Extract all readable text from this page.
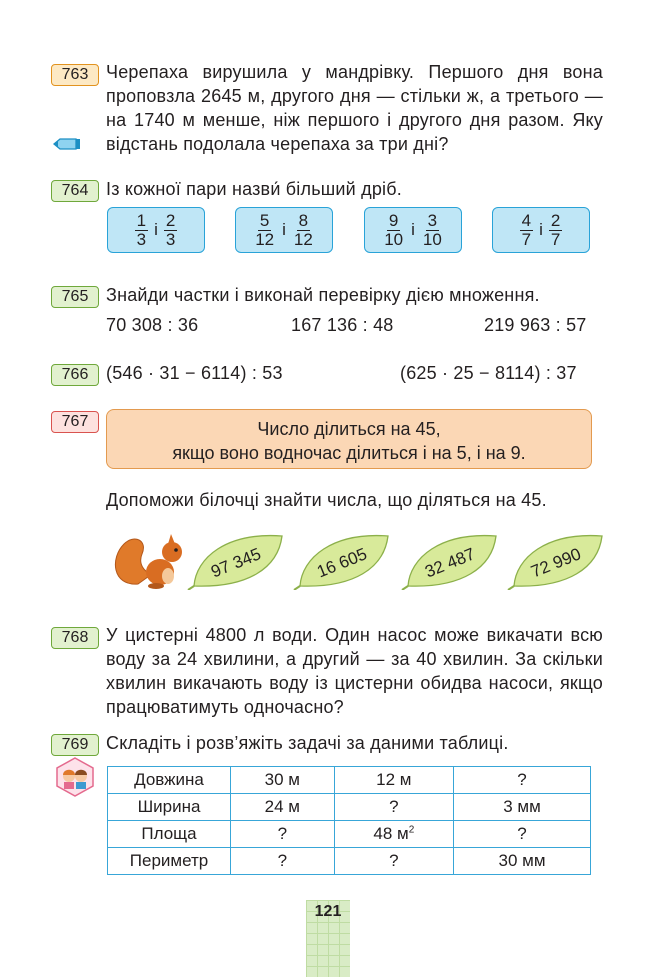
763 Черепаха вирушила у мандрівку. Першого дня вона проповзла 2645 м, другого дня — стільки ж, а третього — на 1740 м менше, ніж першого і другого дня разом. Яку відстань подолала черепаха за три дні?
764 Із кожної пари назви́ більший дріб.
$\frac{1}{3}$ і $\frac{2}{3}$	$\frac{5}{12}$ і $\frac{8}{12}$	$\frac{9}{10}$ і $\frac{3}{10}$	$\frac{4}{7}$ і $\frac{2}{7}$
765 Знайди частки і виконай перевірку дією множення.
70 308 : 36	167 136 : 48	219 963 : 57
766 (546 · 31 − 6114) : 53	(625 · 25 − 8114) : 37
767	Число ділиться на 45,
якщо воно водночас ділиться і на 5, і на 9.
Допоможи білочці знайти числа, що діляться на 45.
97 345	16 605	32 487	72 990
768 У цистерні 4800 л води. Один насос може викачати всю воду за 24 хвилини, а другий — за 40 хвилин. За скільки хвилин викачають воду із цистерни обидва насоси, якщо працюватимуть одночасно?
769 Складіть і розв’яжіть задачі за даними таблиці.
Довжина	30 м	12 м	?
Ширина	24 м	?	3 мм
Площа	?	48 $м^2$	?
Периметр	?	?	30 мм
121
